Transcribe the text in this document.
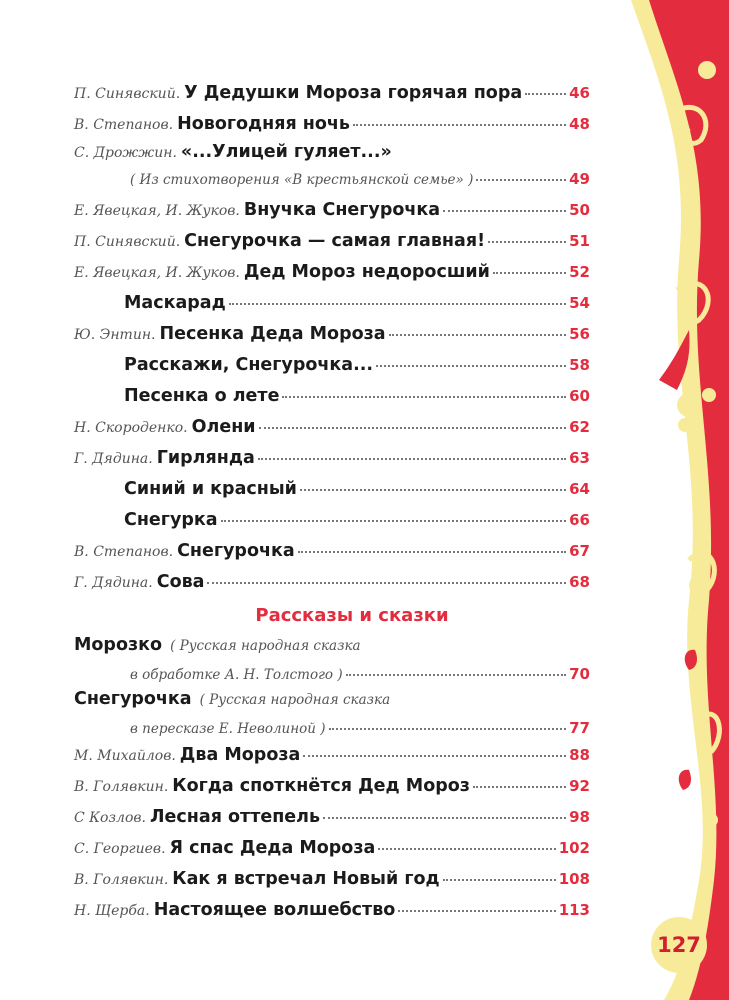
П. Синявский. У Дедушки Мороза горячая пора	46
В. Степанов. Новогодняя ночь	48
С. Дрожжин. «...Улицей гуляет...»
( Из стихотворения «В крестьянской семье» )	49
Е. Явецкая, И. Жуков. Внучка Снегурочка	50
П. Синявский. Снегурочка — самая главная!	51
Е. Явецкая, И. Жуков. Дед Мороз недоросший	52
Маскарад	54
Ю. Энтин. Песенка Деда Мороза	56
Расскажи, Снегурочка...	58
Песенка о лете	60
Н. Скороденко. Олени	62
Г. Дядина. Гирлянда	63
Синий и красный	64
Снегурка	66
В. Степанов. Снегурочка	67
Г. Дядина. Сова	68
Рассказы и сказки
Морозко ( Русская народная сказка
в обработке А. Н. Толстого )	70
Снегурочка ( Русская народная сказка
в пересказе Е. Неволиной )	77
М. Михайлов. Два Мороза	88
В. Голявкин. Когда споткнётся Дед Мороз	92
С Козлов. Лесная оттепель	98
С. Георгиев. Я спас Деда Мороза	102
В. Голявкин. Как я встречал Новый год	108
Н. Щерба. Настоящее волшебство	113
127
